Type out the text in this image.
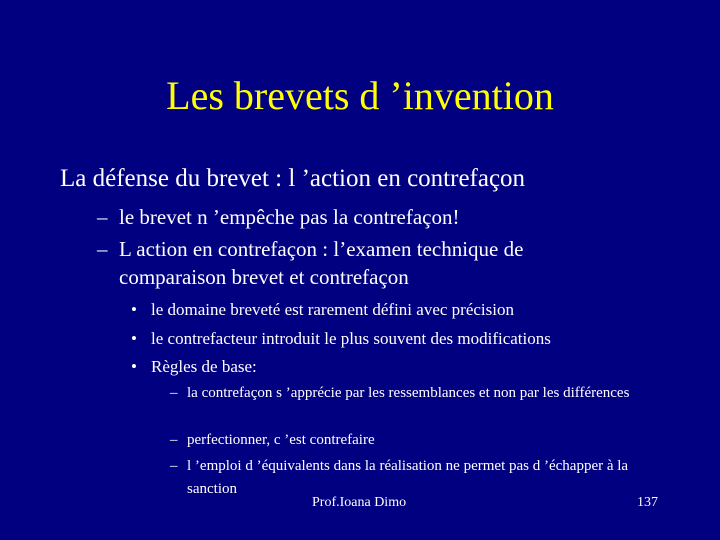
Les brevets d ’invention
La défense du brevet : l ’action en contrefaçon
– le brevet n ’empêche pas la contrefaçon!
– L action en contrefaçon : l’examen technique de comparaison brevet et contrefaçon
• le domaine breveté est rarement défini avec précision
• le contrefacteur introduit le plus souvent des modifications
• Règles de base:
– la contrefaçon s ’apprécie par les ressemblances et non par les différences
– perfectionner, c ’est contrefaire
– l ’emploi d ’équivalents dans la réalisation ne permet pas d ’échapper à la sanction
Prof.Ioana Dimo	137
